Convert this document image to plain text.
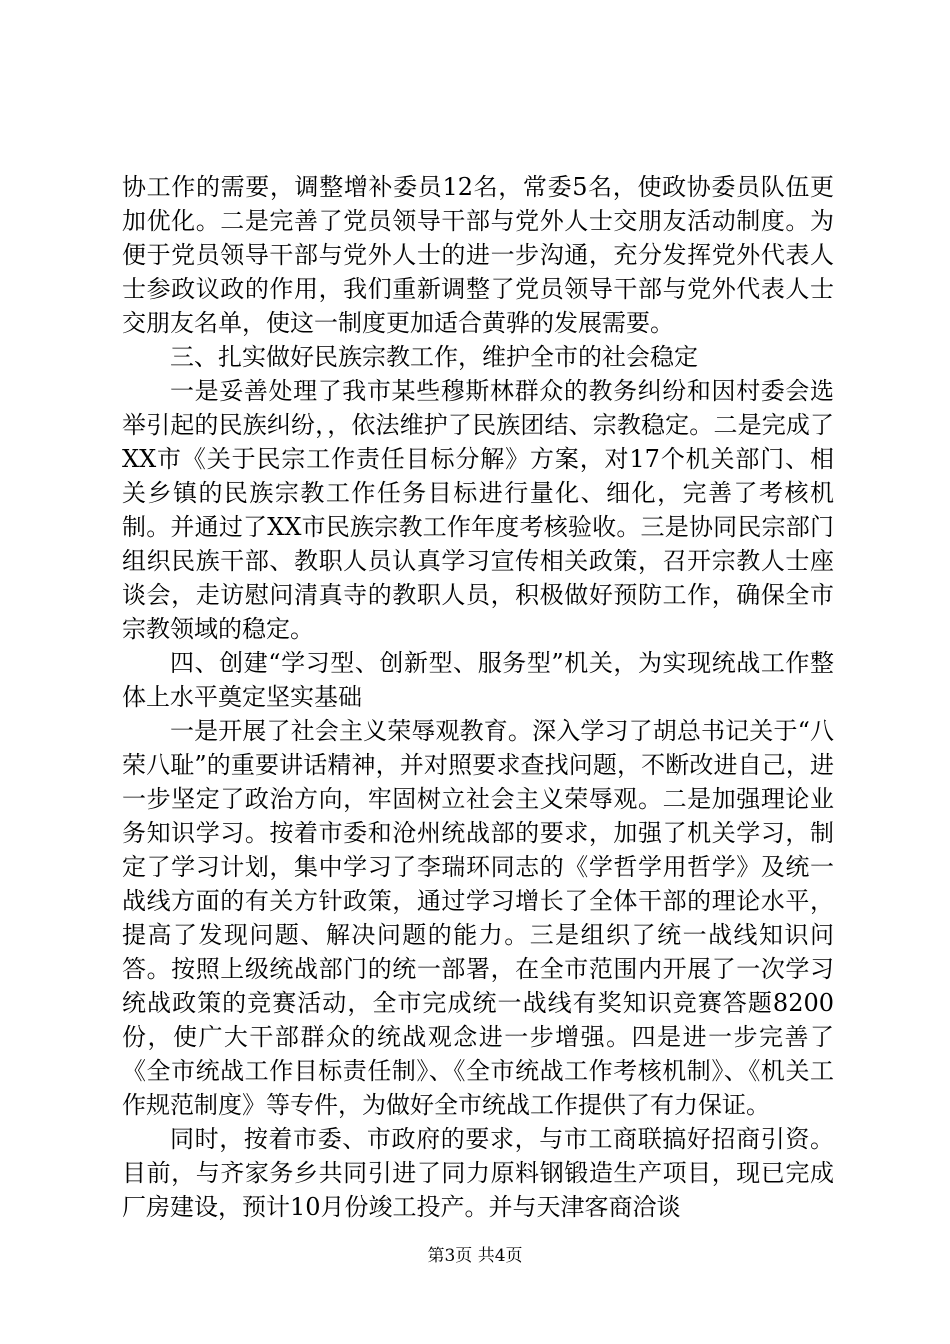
协工作的需要，调整增补委员12名，常委5名，使政协委员队伍更加优化。二是完善了党员领导干部与党外人士交朋友活动制度。为便于党员领导干部与党外人士的进一步沟通，充分发挥党外代表人士参政议政的作用，我们重新调整了党员领导干部与党外代表人士交朋友名单，使这一制度更加适合黄骅的发展需要。

三、扎实做好民族宗教工作，维护全市的社会稳定

一是妥善处理了我市某些穆斯林群众的教务纠纷和因村委会选举引起的民族纠纷，，依法维护了民族团结、宗教稳定。二是完成了XX市《关于民宗工作责任目标分解》方案，对17个机关部门、相关乡镇的民族宗教工作任务目标进行量化、细化，完善了考核机制。并通过了XX市民族宗教工作年度考核验收。三是协同民宗部门组织民族干部、教职人员认真学习宣传相关政策，召开宗教人士座谈会，走访慰问清真寺的教职人员，积极做好预防工作，确保全市宗教领域的稳定。

四、创建“学习型、创新型、服务型”机关，为实现统战工作整体上水平奠定坚实基础

一是开展了社会主义荣辱观教育。深入学习了胡总书记关于“八荣八耻”的重要讲话精神，并对照要求查找问题，不断改进自己，进一步坚定了政治方向，牢固树立社会主义荣辱观。二是加强理论业务知识学习。按着市委和沧州统战部的要求，加强了机关学习，制定了学习计划，集中学习了李瑞环同志的《学哲学用哲学》及统一战线方面的有关方针政策，通过学习增长了全体干部的理论水平，提高了发现问题、解决问题的能力。三是组织了统一战线知识问答。按照上级统战部门的统一部署，在全市范围内开展了一次学习统战政策的竞赛活动，全市完成统一战线有奖知识竞赛答题8200份，使广大干部群众的统战观念进一步增强。四是进一步完善了《全市统战工作目标责任制》、《全市统战工作考核机制》、《机关工作规范制度》等专件，为做好全市统战工作提供了有力保证。

同时，按着市委、市政府的要求，与市工商联搞好招商引资。目前，与齐家务乡共同引进了同力原料钢锻造生产项目，现已完成厂房建设，预计10月份竣工投产。并与天津客商洽谈

第3页 共4页
